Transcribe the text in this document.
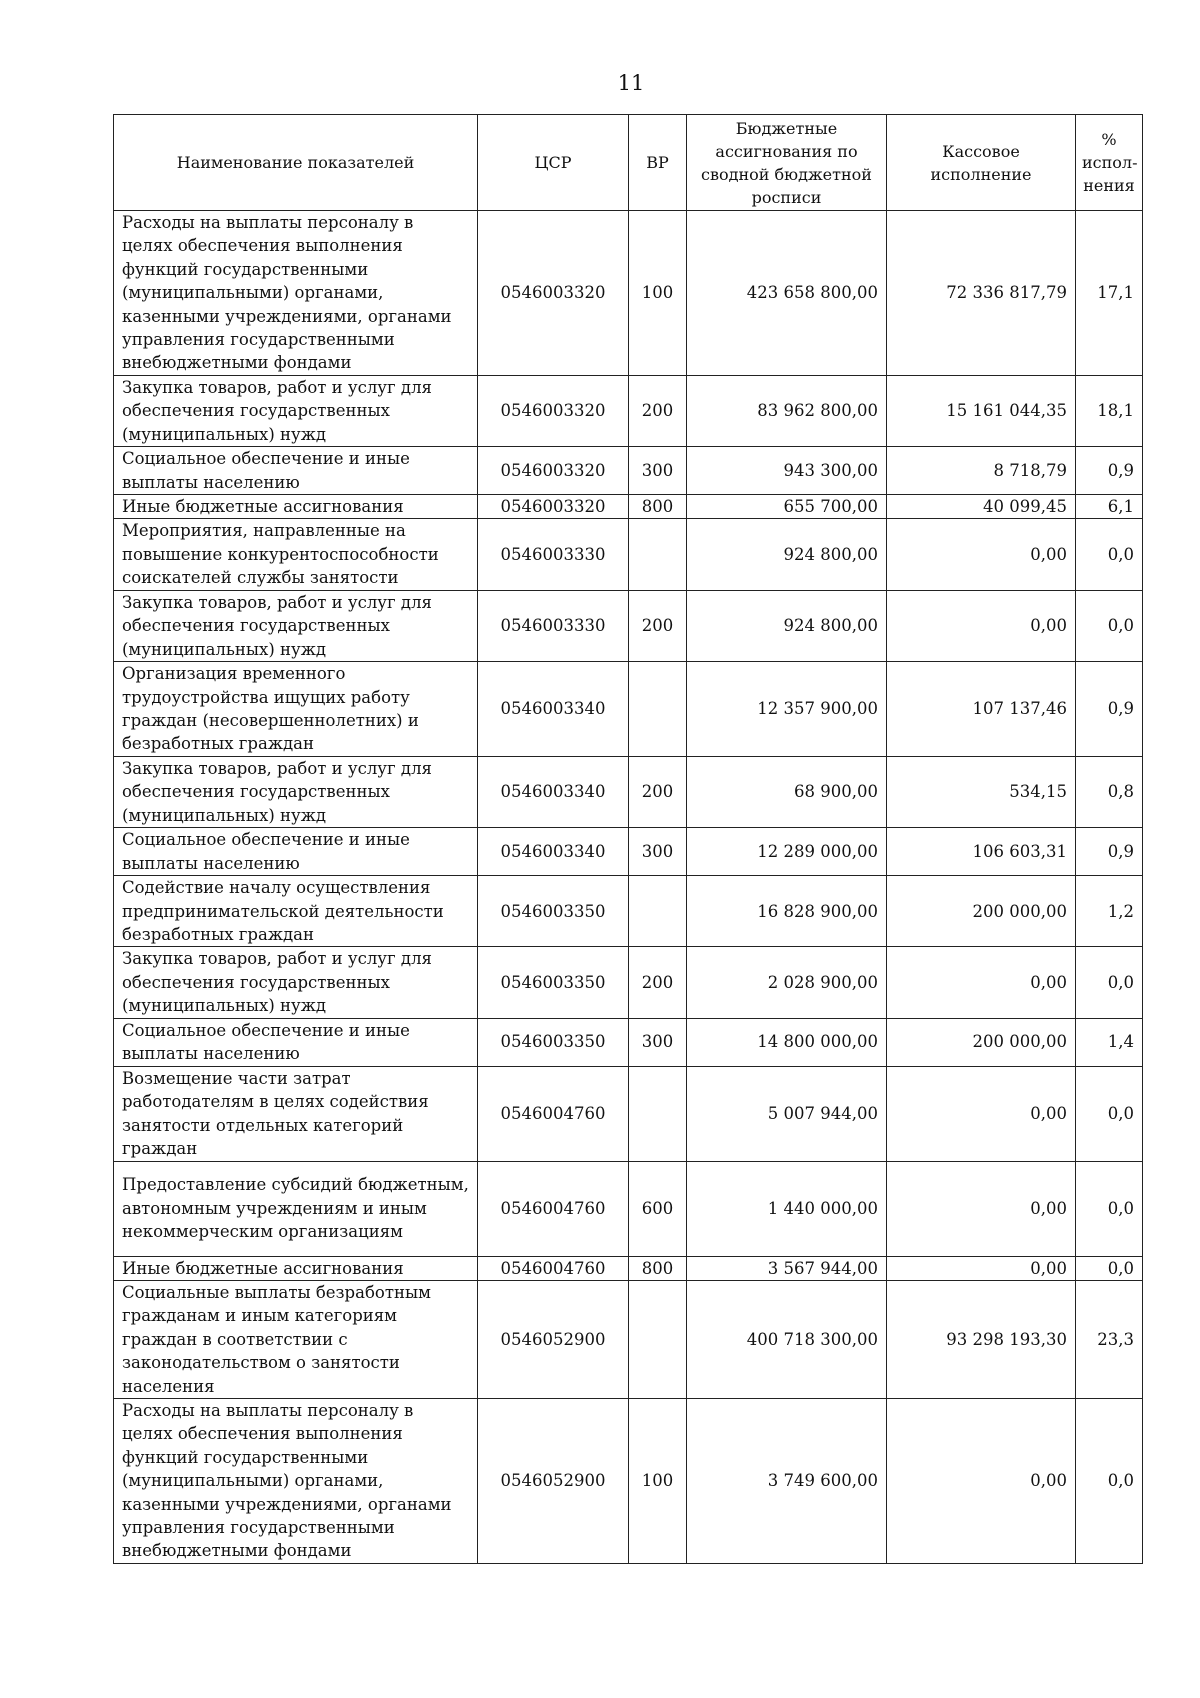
11
Наименование показателей	ЦСР	ВР	Бюджетные ассигнования по сводной бюджетной росписи	Кассовое исполнение	% испол-нения
Расходы на выплаты персоналу в целях обеспечения выполнения функций государственными (муниципальными) органами, казенными учреждениями, органами управления государственными внебюджетными фондами	0546003320	100	423 658 800,00	72 336 817,79	17,1
Закупка товаров, работ и услуг для обеспечения государственных (муниципальных) нужд	0546003320	200	83 962 800,00	15 161 044,35	18,1
Социальное обеспечение и иные выплаты населению	0546003320	300	943 300,00	8 718,79	0,9
Иные бюджетные ассигнования	0546003320	800	655 700,00	40 099,45	6,1
Мероприятия, направленные на повышение конкурентоспособности соискателей службы занятости	0546003330		924 800,00	0,00	0,0
Закупка товаров, работ и услуг для обеспечения государственных (муниципальных) нужд	0546003330	200	924 800,00	0,00	0,0
Организация временного трудоустройства ищущих работу граждан (несовершеннолетних) и безработных граждан	0546003340		12 357 900,00	107 137,46	0,9
Закупка товаров, работ и услуг для обеспечения государственных (муниципальных) нужд	0546003340	200	68 900,00	534,15	0,8
Социальное обеспечение и иные выплаты населению	0546003340	300	12 289 000,00	106 603,31	0,9
Содействие началу осуществления предпринимательской деятельности безработных граждан	0546003350		16 828 900,00	200 000,00	1,2
Закупка товаров, работ и услуг для обеспечения государственных (муниципальных) нужд	0546003350	200	2 028 900,00	0,00	0,0
Социальное обеспечение и иные выплаты населению	0546003350	300	14 800 000,00	200 000,00	1,4
Возмещение части затрат работодателям в целях содействия занятости отдельных категорий граждан	0546004760		5 007 944,00	0,00	0,0
Предоставление субсидий бюджетным, автономным учреждениям и иным некоммерческим организациям	0546004760	600	1 440 000,00	0,00	0,0
Иные бюджетные ассигнования	0546004760	800	3 567 944,00	0,00	0,0
Социальные выплаты безработным гражданам и иным категориям граждан в соответствии с законодательством о занятости населения	0546052900		400 718 300,00	93 298 193,30	23,3
Расходы на выплаты персоналу в целях обеспечения выполнения функций государственными (муниципальными) органами, казенными учреждениями, органами управления государственными внебюджетными фондами	0546052900	100	3 749 600,00	0,00	0,0
